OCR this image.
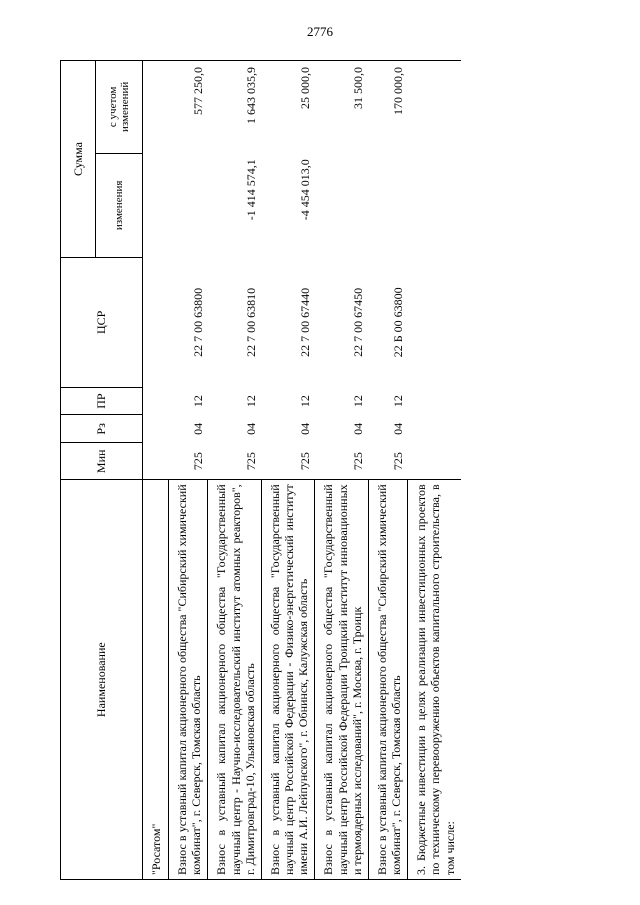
2776
Наименование	Мин	Рз	ПР	ЦСР	Сумма	
					изменения	с учетом изменений
"Росатом"						
Взнос в уставный капитал акционерного общества "Сибирский химический комбинат", г. Северск, Томская область	725	04	12	22 7 00 63800		577 250,0
Взнос в уставный капитал акционерного общества "Государственный научный центр - Научно-исследовательский институт атомных реакторов", г. Димитровград-10, Ульяновская область	725	04	12	22 7 00 63810	-1 414 574,1	1 643 035,9
Взнос в уставный капитал акционерного общества "Государственный научный центр Российской Федерации - Физико-энергетический институт имени А.И. Лейпунского", г. Обнинск, Калужская область	725	04	12	22 7 00 67440	-4 454 013,0	25 000,0
Взнос в уставный капитал акционерного общества "Государственный научный центр Российской Федерации Троицкий институт инновационных и термоядерных исследований", г. Москва, г. Троицк	725	04	12	22 7 00 67450		31 500,0
Взнос в уставный капитал акционерного общества "Сибирский химический комбинат", г. Северск, Томская область	725	04	12	22 Б 00 63800		170 000,0
3. Бюджетные инвестиции в целях реализации инвестиционных проектов по техническому перевооружению объектов капитального строительства, в том числе:						
